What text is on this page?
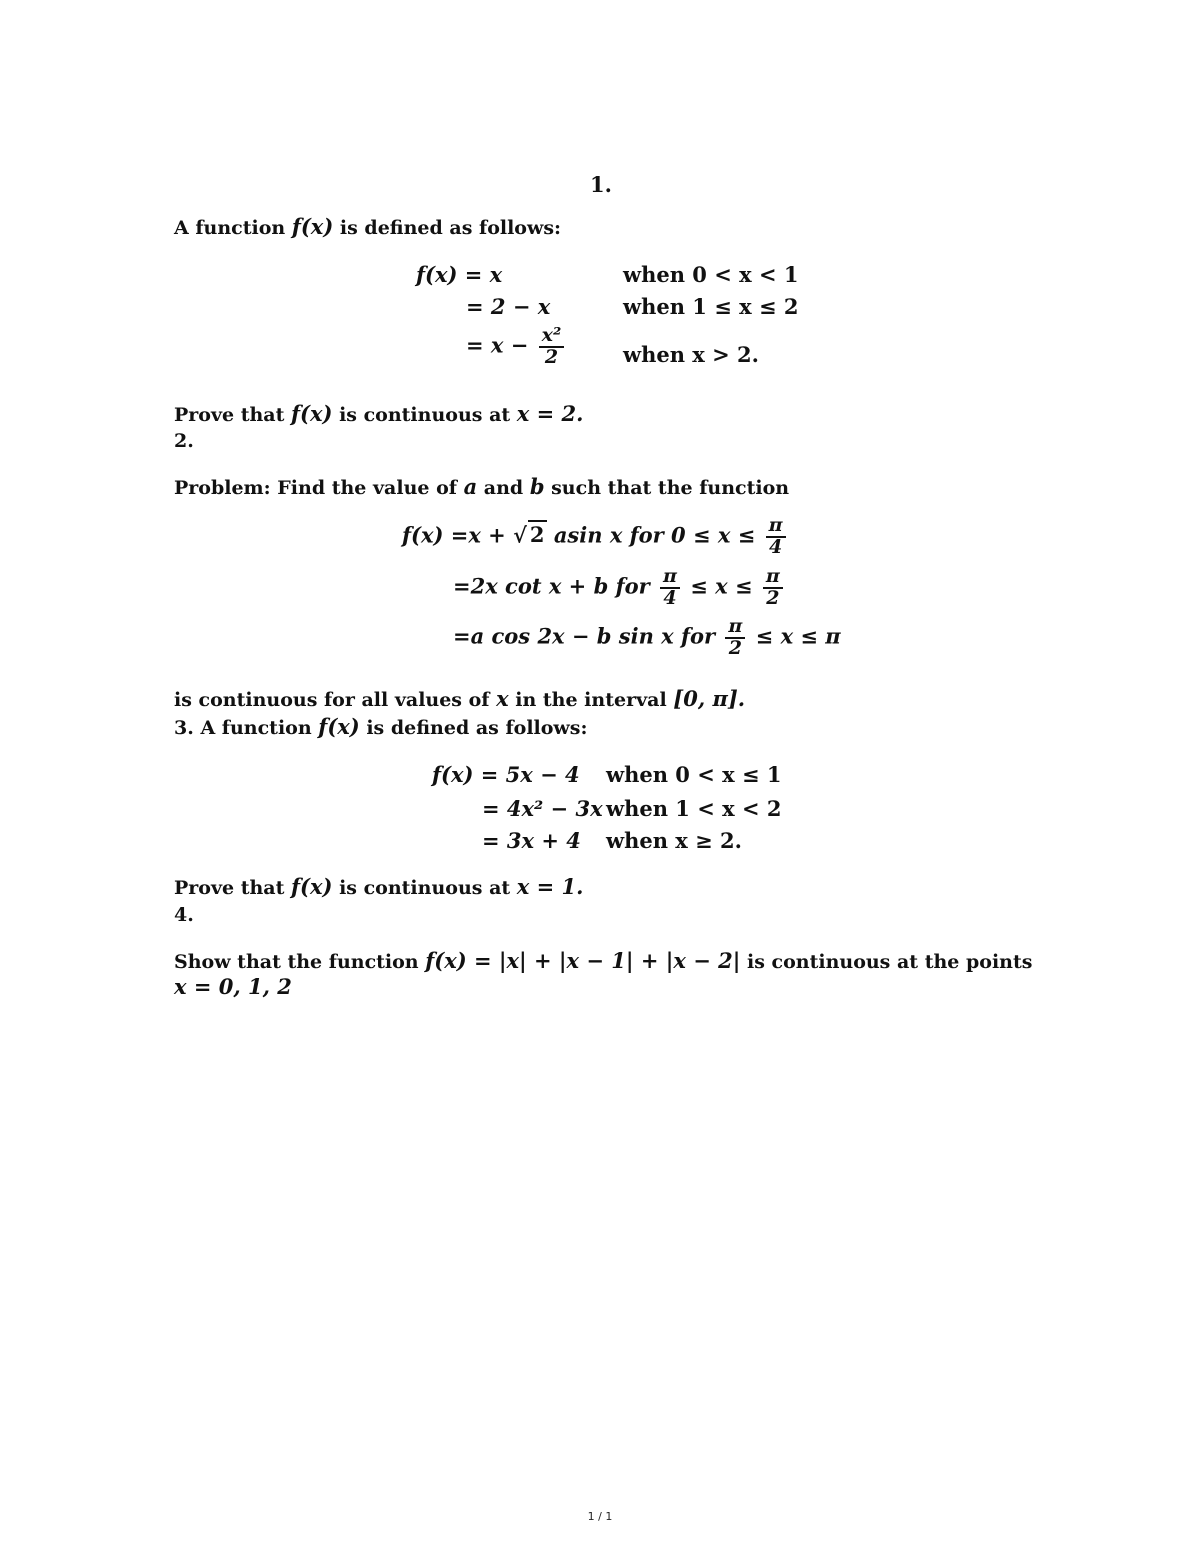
1.
A function f(x) is defined as follows:
f(x) = x	when 0 < x < 1
= 2 − x	when 1 ≤ x ≤ 2
= $x - \frac{\text{x²}}{2}$	when x > 2.
Prove that f(x) is continuous at x = 2.
2.
Problem: Find the value of a and b such that the function
f(x) =x + √ 2 asin x for $0 \le x \le \frac{\pi}{4}$
=2x cot x + b for $\frac{\pi}{4} \le x \le \frac{\pi}{2}$
=a cos 2x − b sin x for $\frac{\pi}{2} \le x \le \pi$
is continuous for all values of x in the interval [0, π].
3. A function f(x) is defined as follows:
f(x) = 5x − 4 when 0 < x ≤ 1
= 4x² − 3x when 1 < x < 2
= 3x + 4 when x ≥ 2.
Prove that f(x) is continuous at x = 1.
4.
Show that the function f(x) = |x| + |x − 1| + |x − 2| is continuous at the points
x = 0, 1, 2
1 / 1
